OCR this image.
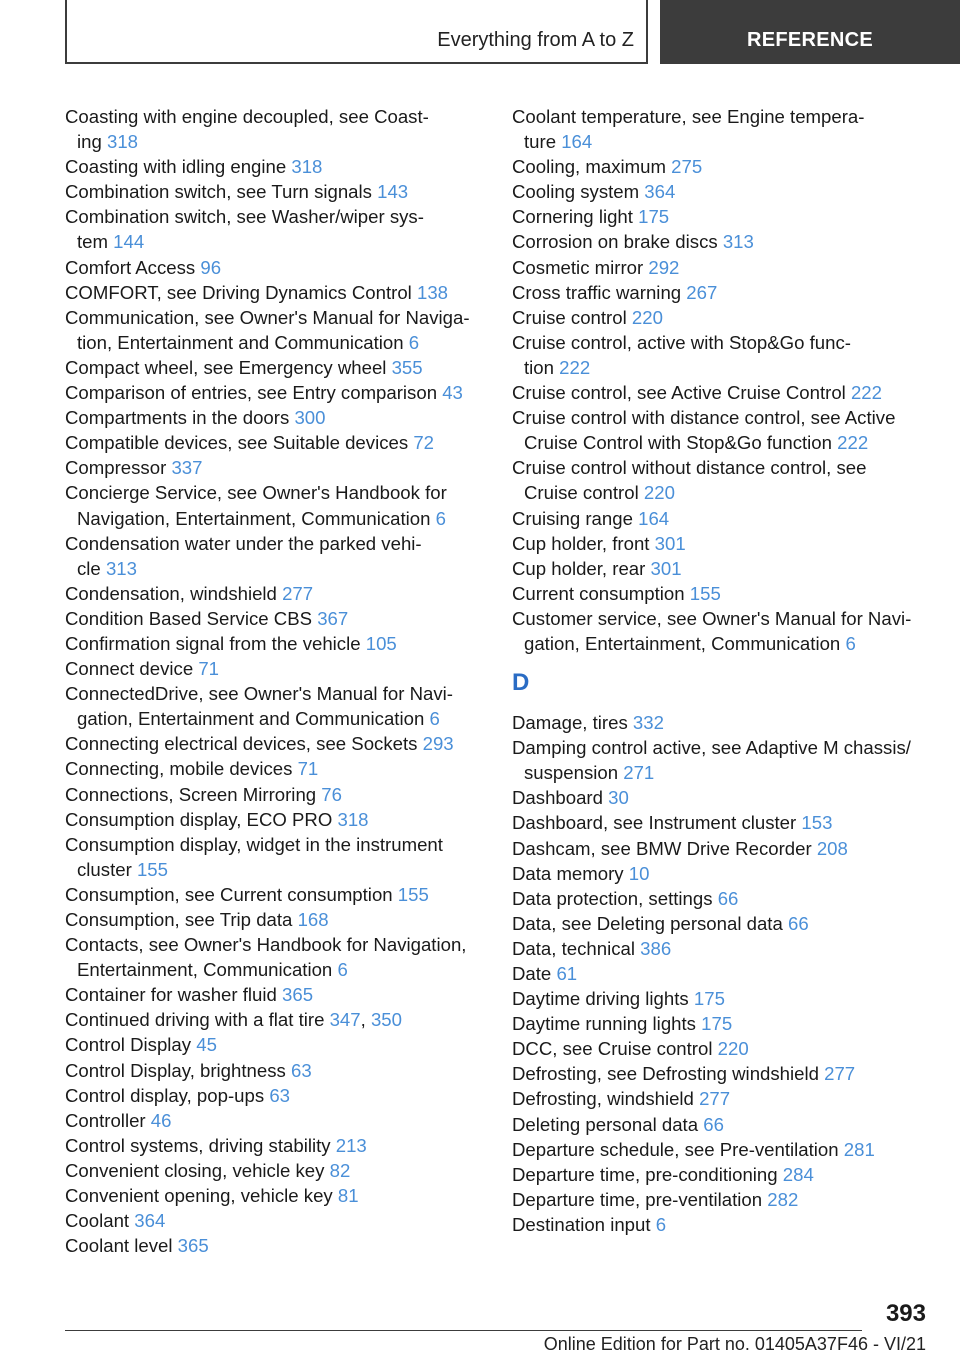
Everything from A to Z	REFERENCE
Coasting with engine decoupled, see Coast-
ing 318
Coasting with idling engine 318
Combination switch, see Turn signals 143
Combination switch, see Washer/wiper sys-
tem 144
Comfort Access 96
COMFORT, see Driving Dynamics Control 138
Communication, see Owner's Manual for Naviga-
tion, Entertainment and Communication 6
Compact wheel, see Emergency wheel 355
Comparison of entries, see Entry comparison 43
Compartments in the doors 300
Compatible devices, see Suitable devices 72
Compressor 337
Concierge Service, see Owner's Handbook for
Navigation, Entertainment, Communication 6
Condensation water under the parked vehi-
cle 313
Condensation, windshield 277
Condition Based Service CBS 367
Confirmation signal from the vehicle 105
Connect device 71
ConnectedDrive, see Owner's Manual for Navi-
gation, Entertainment and Communication 6
Connecting electrical devices, see Sockets 293
Connecting, mobile devices 71
Connections, Screen Mirroring 76
Consumption display, ECO PRO 318
Consumption display, widget in the instrument
cluster 155
Consumption, see Current consumption 155
Consumption, see Trip data 168
Contacts, see Owner's Handbook for Navigation,
Entertainment, Communication 6
Container for washer fluid 365
Continued driving with a flat tire 347, 350
Control Display 45
Control Display, brightness 63
Control display, pop-ups 63
Controller 46
Control systems, driving stability 213
Convenient closing, vehicle key 82
Convenient opening, vehicle key 81
Coolant 364
Coolant level 365
Coolant temperature, see Engine tempera-
ture 164
Cooling, maximum 275
Cooling system 364
Cornering light 175
Corrosion on brake discs 313
Cosmetic mirror 292
Cross traffic warning 267
Cruise control 220
Cruise control, active with Stop&Go func-
tion 222
Cruise control, see Active Cruise Control 222
Cruise control with distance control, see Active
Cruise Control with Stop&Go function 222
Cruise control without distance control, see
Cruise control 220
Cruising range 164
Cup holder, front 301
Cup holder, rear 301
Current consumption 155
Customer service, see Owner's Manual for Navi-
gation, Entertainment, Communication 6
D
Damage, tires 332
Damping control active, see Adaptive M chassis/
suspension 271
Dashboard 30
Dashboard, see Instrument cluster 153
Dashcam, see BMW Drive Recorder 208
Data memory 10
Data protection, settings 66
Data, see Deleting personal data 66
Data, technical 386
Date 61
Daytime driving lights 175
Daytime running lights 175
DCC, see Cruise control 220
Defrosting, see Defrosting windshield 277
Defrosting, windshield 277
Deleting personal data 66
Departure schedule, see Pre-ventilation 281
Departure time, pre-conditioning 284
Departure time, pre-ventilation 282
Destination input 6
393
Online Edition for Part no. 01405A37F46 - VI/21
